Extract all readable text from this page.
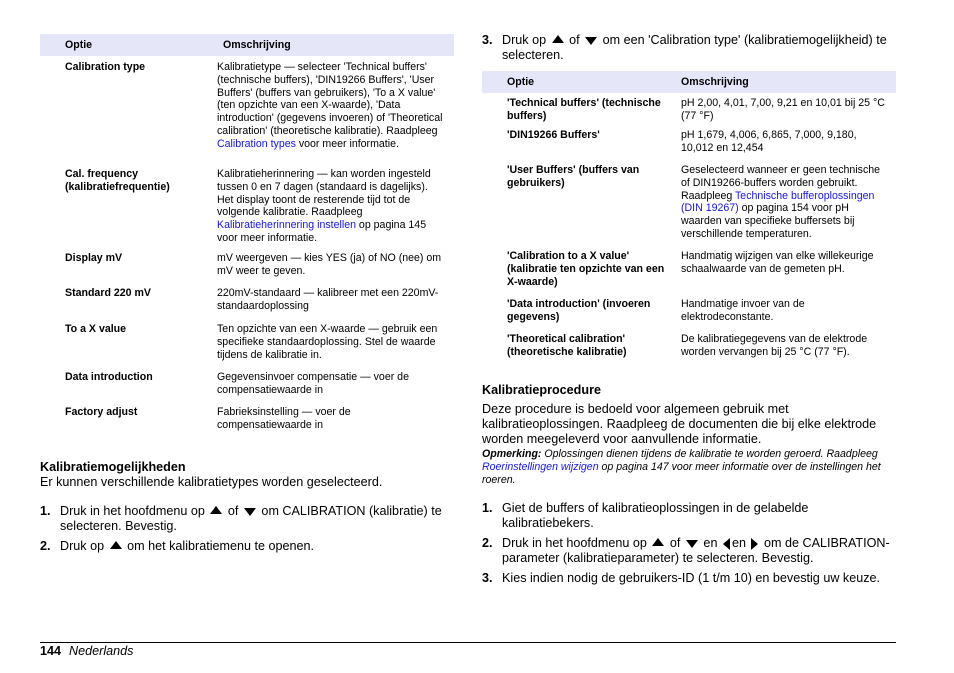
Optie	Omschrijving
Calibration type	Kalibratietype — selecteer 'Technical buffers' (technische buffers), 'DIN19266 Buffers', 'User Buffers' (buffers van gebruikers), 'To a X value' (ten opzichte van een X-waarde), 'Data introduction' (gegevens invoeren) of 'Theoretical calibration' (theoretische kalibratie). Raadpleeg Calibration types voor meer informatie.
Cal. frequency (kalibratiefrequentie)	Kalibratieherinnering — kan worden ingesteld tussen 0 en 7 dagen (standaard is dagelijks). Het display toont de resterende tijd tot de volgende kalibratie. Raadpleeg Kalibratieherinnering instellen op pagina 145 voor meer informatie.
Display mV	mV weergeven — kies YES (ja) of NO (nee) om mV weer te geven.
Standard 220 mV	220mV-standaard — kalibreer met een 220mV-standaardoplossing
To a X value	Ten opzichte van een X-waarde — gebruik een specifieke standaardoplossing. Stel de waarde tijdens de kalibratie in.
Data introduction	Gegevensinvoer compensatie — voer de compensatiewaarde in
Factory adjust	Fabrieksinstelling — voer de compensatiewaarde in
Kalibratiemogelijkheden
Er kunnen verschillende kalibratietypes worden geselecteerd.
1. Druk in het hoofdmenu op  of  om CALIBRATION (kalibratie) te selecteren. Bevestig.
2. Druk op  om het kalibratiemenu te openen.
3. Druk op  of  om een 'Calibration type' (kalibratiemogelijkheid) te selecteren.
Optie	Omschrijving
'Technical buffers' (technische buffers)	pH 2,00, 4,01, 7,00, 9,21 en 10,01 bij 25 °C (77 °F)
'DIN19266 Buffers'	pH 1,679, 4,006, 6,865, 7,000, 9,180, 10,012 en 12,454
'User Buffers' (buffers van gebruikers)	Geselecteerd wanneer er geen technische of DIN19266-buffers worden gebruikt. Raadpleeg Technische bufferoplossingen (DIN 19267) op pagina 154 voor pH waarden van specifieke buffersets bij verschillende temperaturen.
'Calibration to a X value' (kalibratie ten opzichte van een X-waarde)	Handmatig wijzigen van elke willekeurige schaalwaarde van de gemeten pH.
'Data introduction' (invoeren gegevens)	Handmatige invoer van de elektrodeconstante.
'Theoretical calibration' (theoretische kalibratie)	De kalibratiegegevens van de elektrode worden vervangen bij 25 °C (77 °F).
Kalibratieprocedure
Deze procedure is bedoeld voor algemeen gebruik met kalibratieoplossingen. Raadpleeg de documenten die bij elke elektrode worden meegeleverd voor aanvullende informatie.
Opmerking: Oplossingen dienen tijdens de kalibratie te worden geroerd. Raadpleeg Roerinstellingen wijzigen op pagina 147 voor meer informatie over de instellingen het roeren.
1. Giet de buffers of kalibratieoplossingen in de gelabelde kalibratiebekers.
2. Druk in het hoofdmenu op  of  en en  om de CALIBRATION-parameter (kalibratieparameter) te selecteren. Bevestig.
3. Kies indien nodig de gebruikers-ID (1 t/m 10) en bevestig uw keuze.
144 Nederlands
